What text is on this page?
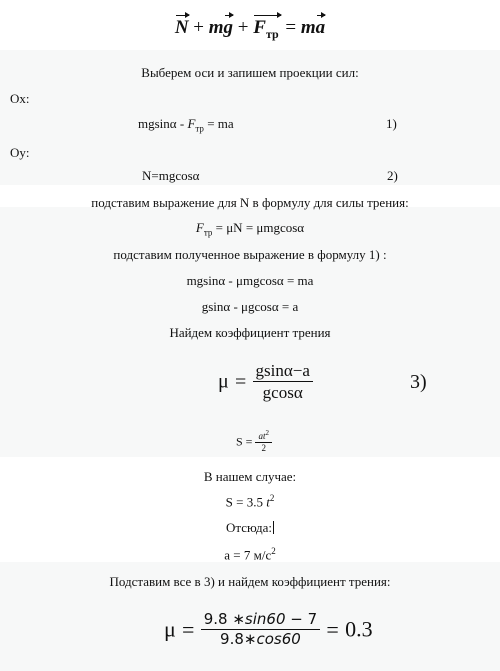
N + mg + $F_{тр}$ = ma
Выберем оси и запишем проекции сил:
Ox:
mgsinα - $F_{тр}$ = ma	1)
Oy:
N=mgcosα	2)
подставим выражение для N в формулу для силы трения:
$F_{тр} = \mu N = \mu mgcos\alpha$
подставим полученное выражение в формулу 1) :
mgsinα - μmgcosα = ma
gsinα - μgcosα = a
Найдем коэффициент трения
$\mu = \frac{gsin\alpha-a}{gcos\alpha}$	3)
$S = \frac{at^2}{2}$
В нашем случае:
S = 3.5 $t^2$
Отсюда:
a = 7 $м/с^2$
Подставим все в 3) и найдем коэффициент трения:
$\mu = \frac{9.8 ∗\sin 60 - 7}{9.8∗\cos 60} = 0.3$
